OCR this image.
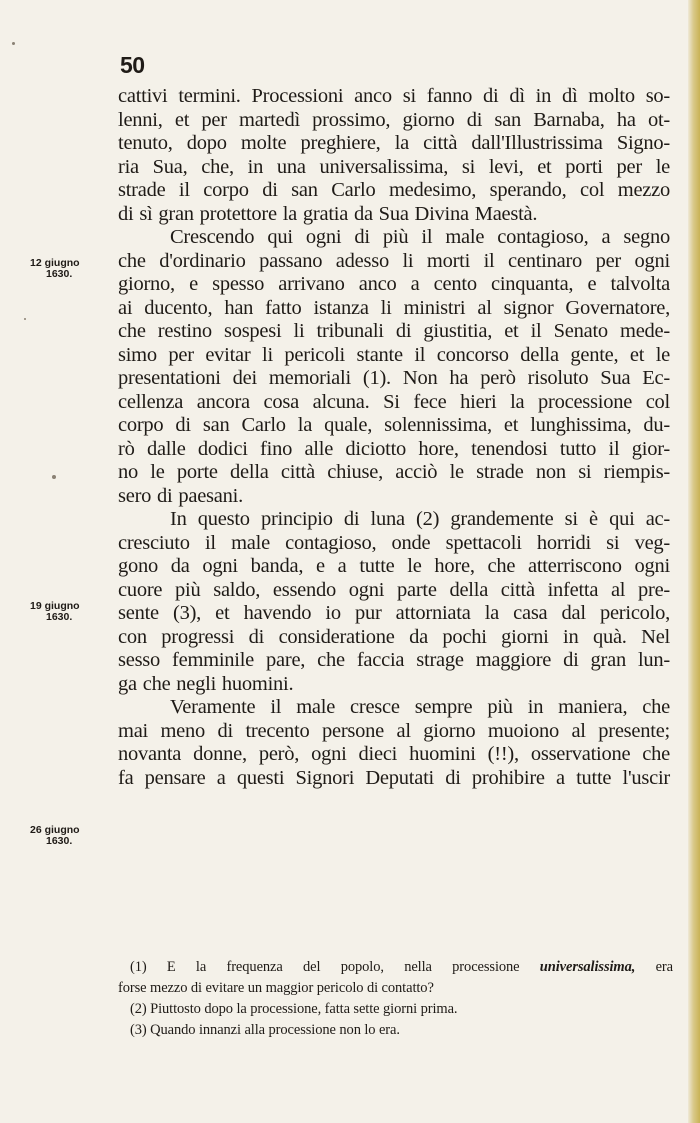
50
cattivi termini. Processioni anco si fanno di dì in dì molto so-
lenni, et per martedì prossimo, giorno di san Barnaba, ha ot-
tenuto, dopo molte preghiere, la città dall'Illustrissima Signo-
ria Sua, che, in una universalissima, si levi, et porti per le
strade il corpo di san Carlo medesimo, sperando, col mezzo
di sì gran protettore la gratia da Sua Divina Maestà.
Crescendo qui ogni di più il male contagioso, a segno
che d'ordinario passano adesso li morti il centinaro per ogni
giorno, e spesso arrivano anco a cento cinquanta, e talvolta
ai ducento, han fatto istanza li ministri al signor Governatore,
che restino sospesi li tribunali di giustitia, et il Senato mede-
simo per evitar li pericoli stante il concorso della gente, et le
presentationi dei memoriali (1). Non ha però risoluto Sua Ec-
cellenza ancora cosa alcuna. Si fece hieri la processione col
corpo di san Carlo la quale, solennissima, et lunghissima, du-
rò dalle dodici fino alle diciotto hore, tenendosi tutto il gior-
no le porte della città chiuse, acciò le strade non si riempis-
sero di paesani.
In questo principio di luna (2) grandemente si è qui ac-
cresciuto il male contagioso, onde spettacoli horridi si veg-
gono da ogni banda, e a tutte le hore, che atterriscono ogni
cuore più saldo, essendo ogni parte della città infetta al pre-
sente (3), et havendo io pur attorniata la casa dal pericolo,
con progressi di consideratione da pochi giorni in quà. Nel
sesso femminile pare, che faccia strage maggiore di gran lun-
ga che negli huomini.
Veramente il male cresce sempre più in maniera, che
mai meno di trecento persone al giorno muoiono al presente;
novanta donne, però, ogni dieci huomini (!!), osservatione che
fa pensare a questi Signori Deputati di prohibire a tutte l'uscir
12 giugno
1630.
19 giugno
1630.
26 giugno
1630.
(1) E la frequenza del popolo, nella processione universalissima, era
forse mezzo di evitare un maggior pericolo di contatto?
(2) Piuttosto dopo la processione, fatta sette giorni prima.
(3) Quando innanzi alla processione non lo era.
